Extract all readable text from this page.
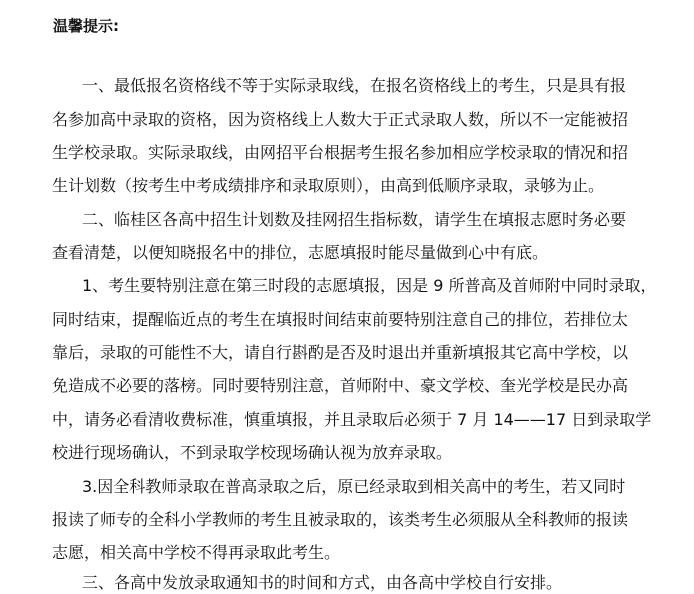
温馨提示:
一、最低报名资格线不等于实际录取线，在报名资格线上的考生，只是具有报
名参加高中录取的资格，因为资格线上人数大于正式录取人数，所以不一定能被招
生学校录取。实际录取线，由网招平台根据考生报名参加相应学校录取的情况和招
生计划数（按考生中考成绩排序和录取原则），由高到低顺序录取，录够为止。
二、临桂区各高中招生计划数及挂网招生指标数，请学生在填报志愿时务必要
查看清楚，以便知晓报名中的排位，志愿填报时能尽量做到心中有底。
1、考生要特别注意在第三时段的志愿填报，因是 9 所普高及首师附中同时录取，
同时结束，提醒临近点的考生在填报时间结束前要特别注意自己的排位，若排位太
靠后，录取的可能性不大，请自行斟酌是否及时退出并重新填报其它高中学校，以
免造成不必要的落榜。同时要特别注意，首师附中、豪文学校、奎光学校是民办高
中，请务必看清收费标准，慎重填报，并且录取后必须于 7 月 14——17 日到录取学
校进行现场确认，不到录取学校现场确认视为放弃录取。
3.因全科教师录取在普高录取之后，原已经录取到相关高中的考生，若又同时
报读了师专的全科小学教师的考生且被录取的，该类考生必须服从全科教师的报读
志愿，相关高中学校不得再录取此考生。
三、各高中发放录取通知书的时间和方式，由各高中学校自行安排。
